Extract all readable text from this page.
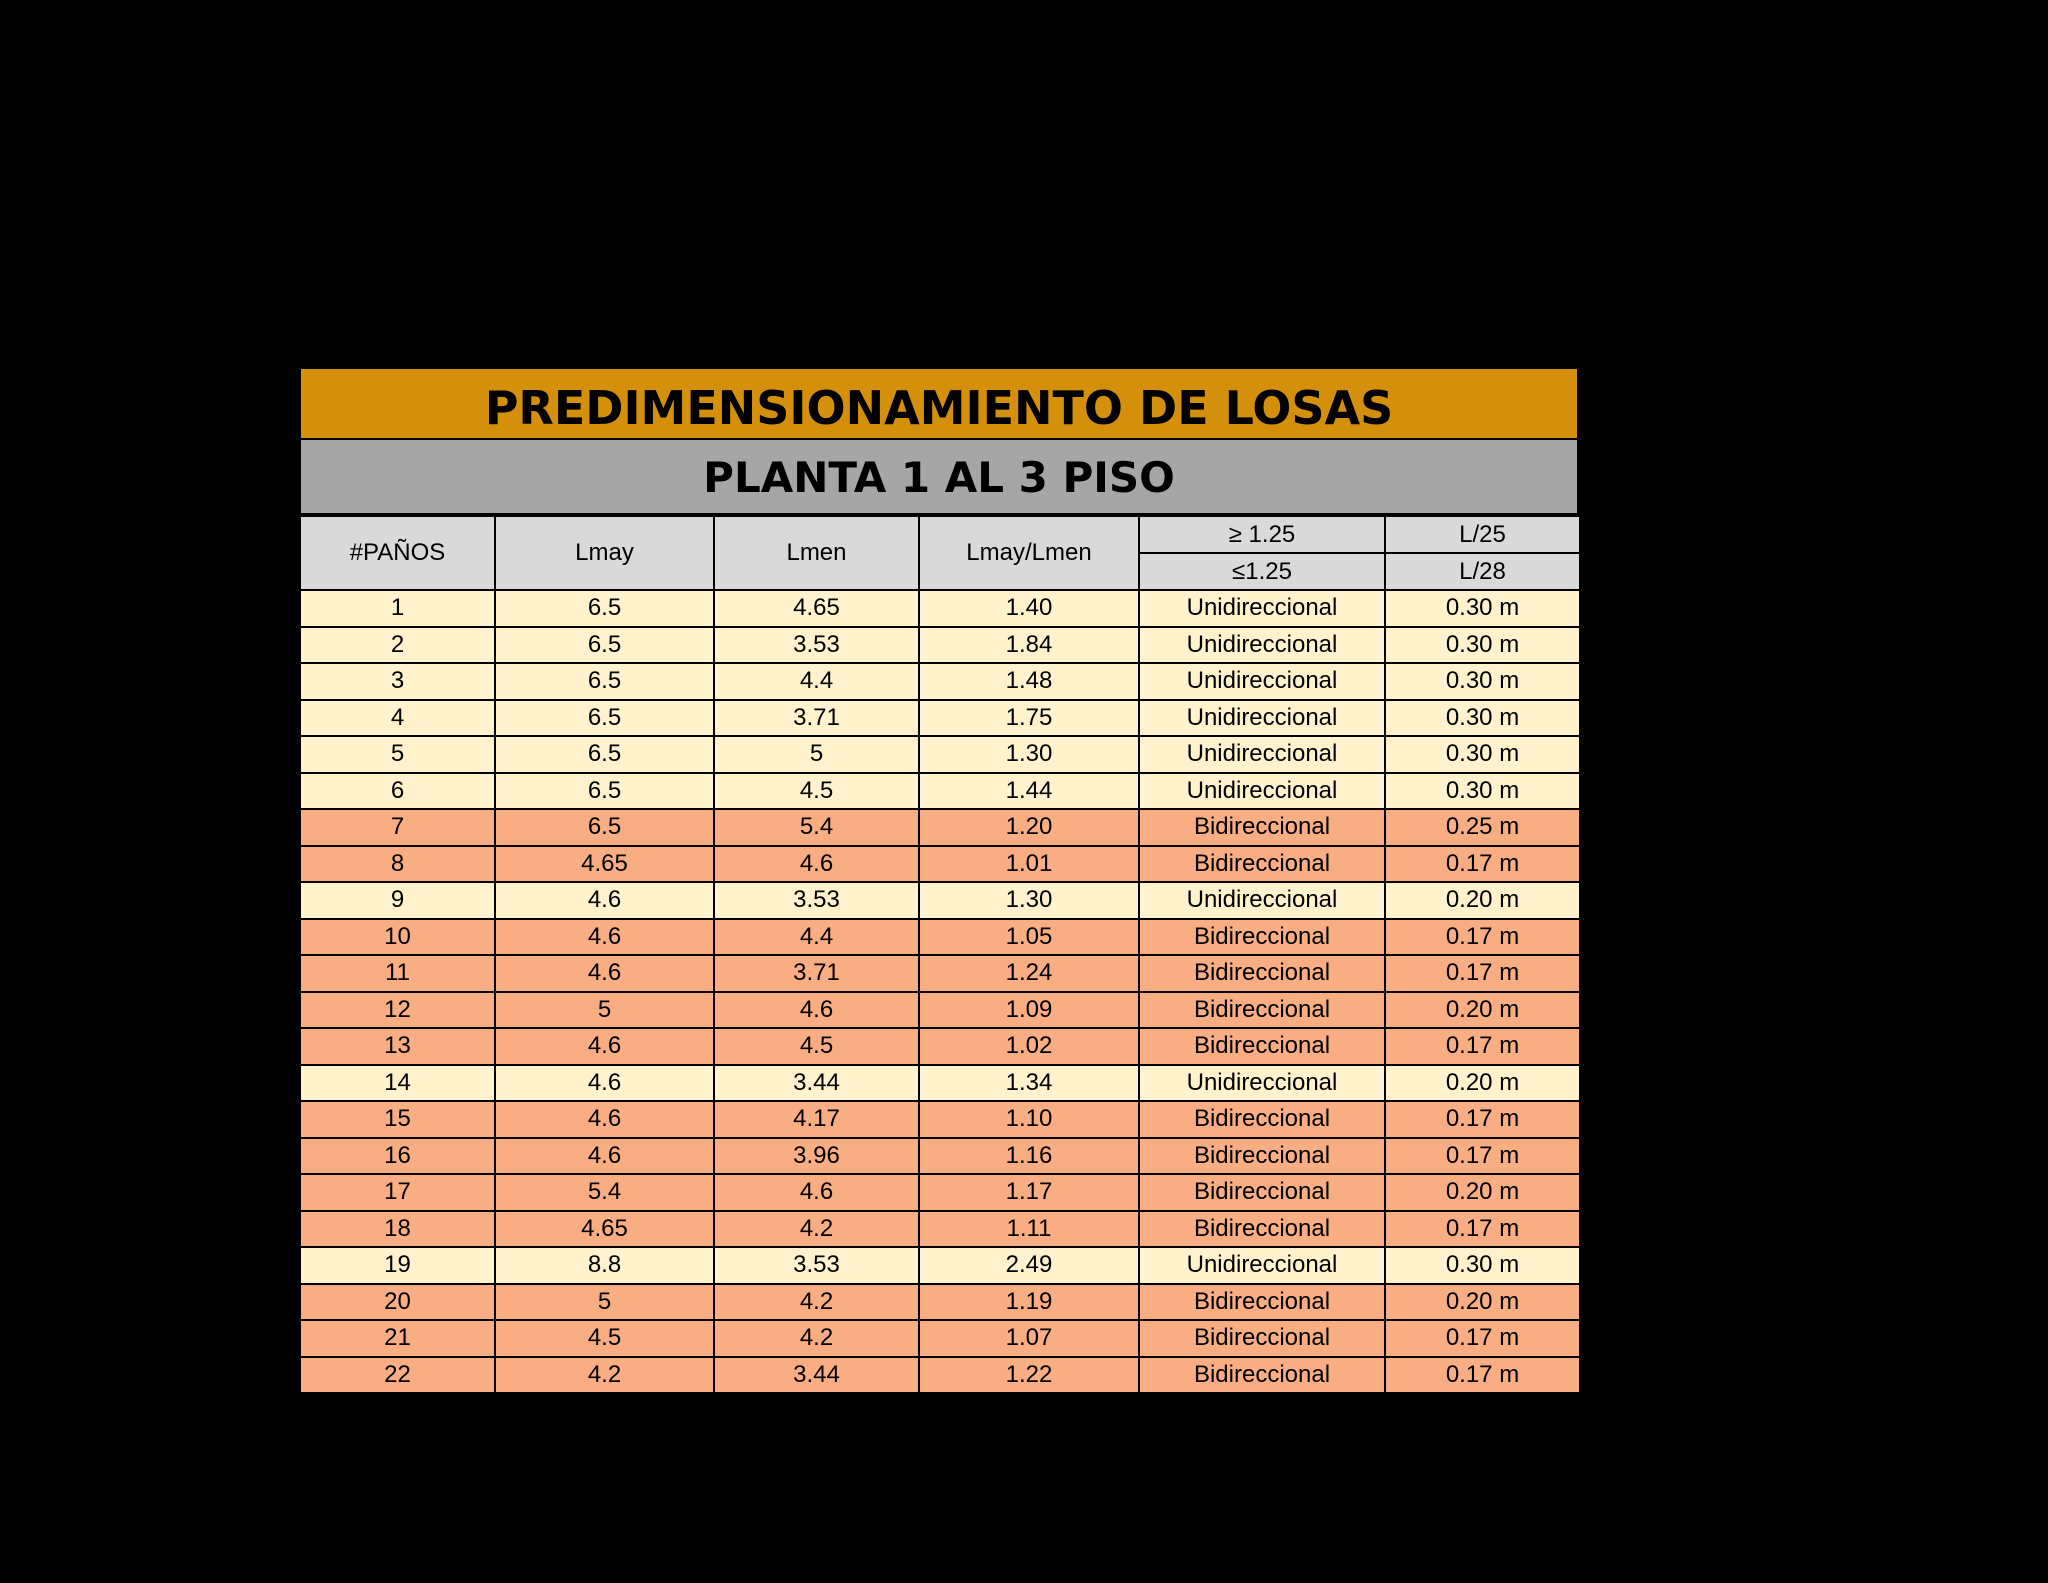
PREDIMENSIONAMIENTO DE LOSAS
PLANTA 1 AL 3 PISO
#PAÑOS	Lmay	Lmen	Lmay/Lmen	≥ 1.25	L/25
				≤1.25	L/28
1	6.5	4.65	1.40	Unidireccional	0.30 m
2	6.5	3.53	1.84	Unidireccional	0.30 m
3	6.5	4.4	1.48	Unidireccional	0.30 m
4	6.5	3.71	1.75	Unidireccional	0.30 m
5	6.5	5	1.30	Unidireccional	0.30 m
6	6.5	4.5	1.44	Unidireccional	0.30 m
7	6.5	5.4	1.20	Bidireccional	0.25 m
8	4.65	4.6	1.01	Bidireccional	0.17 m
9	4.6	3.53	1.30	Unidireccional	0.20 m
10	4.6	4.4	1.05	Bidireccional	0.17 m
11	4.6	3.71	1.24	Bidireccional	0.17 m
12	5	4.6	1.09	Bidireccional	0.20 m
13	4.6	4.5	1.02	Bidireccional	0.17 m
14	4.6	3.44	1.34	Unidireccional	0.20 m
15	4.6	4.17	1.10	Bidireccional	0.17 m
16	4.6	3.96	1.16	Bidireccional	0.17 m
17	5.4	4.6	1.17	Bidireccional	0.20 m
18	4.65	4.2	1.11	Bidireccional	0.17 m
19	8.8	3.53	2.49	Unidireccional	0.30 m
20	5	4.2	1.19	Bidireccional	0.20 m
21	4.5	4.2	1.07	Bidireccional	0.17 m
22	4.2	3.44	1.22	Bidireccional	0.17 m
